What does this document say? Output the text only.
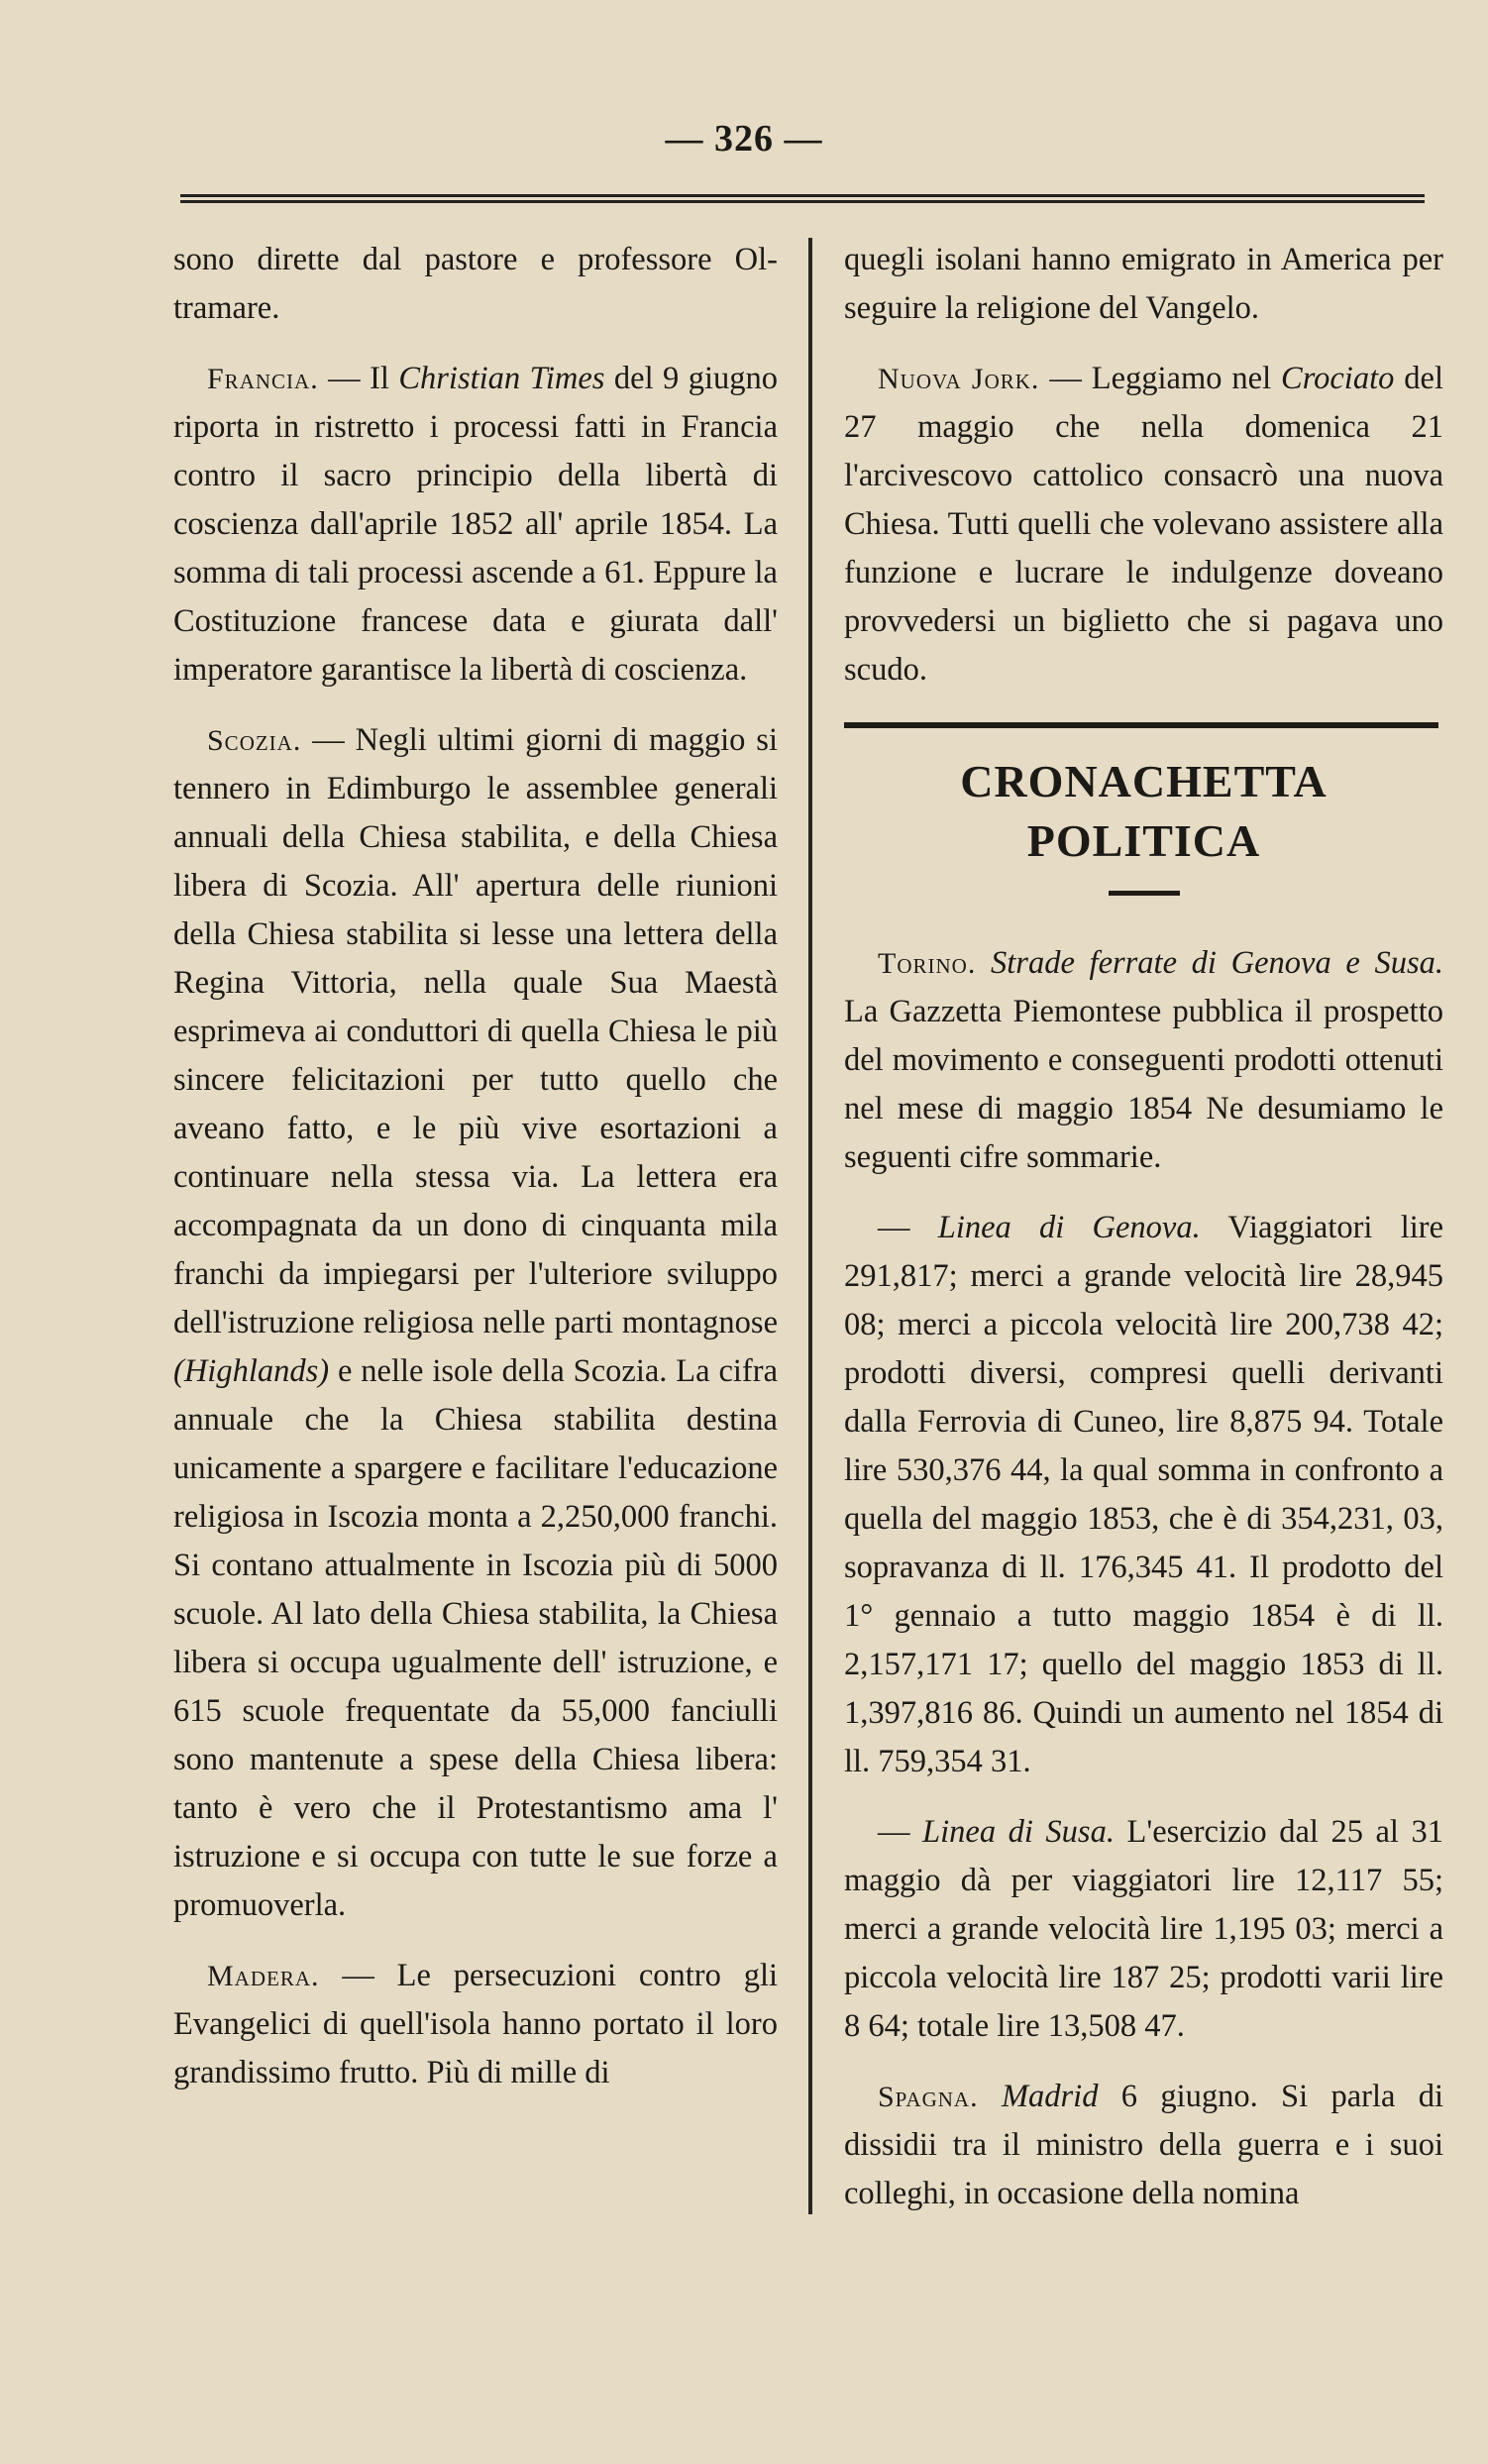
— 326 —

sono dirette dal pastore e professore Ol-tramare.

Francia. — Il Christian Times del 9 giugno riporta in ristretto i processi fatti in Francia contro il sacro principio della libertà di coscienza dall'aprile 1852 all' aprile 1854. La somma di tali processi ascende a 61. Eppure la Costituzione francese data e giurata dall' imperatore garantisce la libertà di coscienza.

Scozia. — Negli ultimi giorni di maggio si tennero in Edimburgo le assemblee generali annuali della Chiesa stabilita, e della Chiesa libera di Scozia. All' apertura delle riunioni della Chiesa stabilita si lesse una lettera della Regina Vittoria, nella quale Sua Maestà esprimeva ai conduttori di quella Chiesa le più sincere felicitazioni per tutto quello che aveano fatto, e le più vive esortazioni a continuare nella stessa via. La lettera era accompagnata da un dono di cinquanta mila franchi da impiegarsi per l'ulteriore sviluppo dell'istruzione religiosa nelle parti montagnose (Highlands) e nelle isole della Scozia. La cifra annuale che la Chiesa stabilita destina unicamente a spargere e facilitare l'educazione religiosa in Iscozia monta a 2,250,000 franchi. Si contano attualmente in Iscozia più di 5000 scuole. Al lato della Chiesa stabilita, la Chiesa libera si occupa ugualmente dell' istruzione, e 615 scuole frequentate da 55,000 fanciulli sono mantenute a spese della Chiesa libera: tanto è vero che il Protestantismo ama l' istruzione e si occupa con tutte le sue forze a promuoverla.

Madera. — Le persecuzioni contro gli Evangelici di quell'isola hanno portato il loro grandissimo frutto. Più di mille di

quegli isolani hanno emigrato in America per seguire la religione del Vangelo.

Nuova Jork. — Leggiamo nel Crociato del 27 maggio che nella domenica 21 l'arcivescovo cattolico consacrò una nuova Chiesa. Tutti quelli che volevano assistere alla funzione e lucrare le indulgenze doveano provvedersi un biglietto che si pagava uno scudo.

CRONACHETTA POLITICA

Torino. Strade ferrate di Genova e Susa. La Gazzetta Piemontese pubblica il prospetto del movimento e conseguenti prodotti ottenuti nel mese di maggio 1854 Ne desumiamo le seguenti cifre sommarie.

— Linea di Genova. Viaggiatori lire 291,817; merci a grande velocità lire 28,945 08; merci a piccola velocità lire 200,738 42; prodotti diversi, compresi quelli derivanti dalla Ferrovia di Cuneo, lire 8,875 94. Totale lire 530,376 44, la qual somma in confronto a quella del maggio 1853, che è di 354,231, 03, sopravanza di ll. 176,345 41. Il prodotto del 1° gennaio a tutto maggio 1854 è di ll. 2,157,171 17; quello del maggio 1853 di ll. 1,397,816 86. Quindi un aumento nel 1854 di ll. 759,354 31.

— Linea di Susa. L'esercizio dal 25 al 31 maggio dà per viaggiatori lire 12,117 55; merci a grande velocità lire 1,195 03; merci a piccola velocità lire 187 25; prodotti varii lire 8 64; totale lire 13,508 47.

Spagna. Madrid 6 giugno. Si parla di dissidii tra il ministro della guerra e i suoi colleghi, in occasione della nomina
